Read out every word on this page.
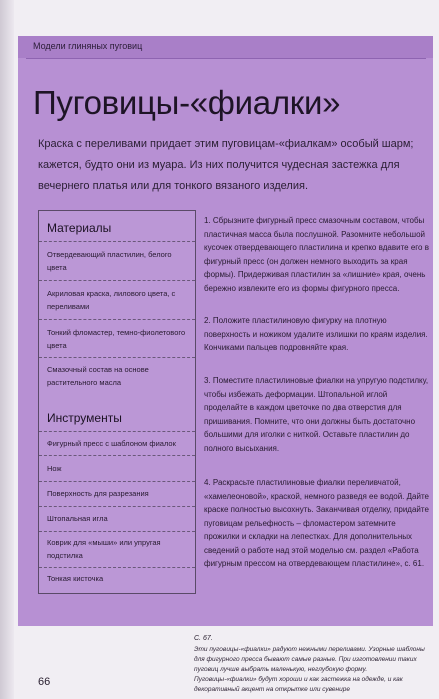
Модели глиняных пуговиц
Пуговицы-«фиалки»

Краска с переливами придает этим пуговицам-«фиалкам» особый шарм; кажется, будто они из муара. Из них получится чудесная застежка для вечернего платья или для тонкого вязаного изделия.

Материалы
Отвердевающий пластилин, белого цвета
Акриловая краска, лилового цвета, с переливами
Тонкий фломастер, темно-фиолетового цвета
Смазочный состав на основе растительного масла
Инструменты
Фигурный пресс с шаблоном фиалок
Нож
Поверхность для разрезания
Штопальная игла
Коврик для «мыши» или упругая подстилка
Тонкая кисточка

1. Сбрызните фигурный пресс смазочным составом, чтобы пластичная масса была послушной. Разомните небольшой кусочек отвердевающего пластилина и крепко вдавите его в фигурный пресс (он должен немного выходить за края формы). Придерживая пластилин за «лишние» края, очень бережно извлеките его из формы фигурного пресса.

2. Положите пластилиновую фигурку на плотную поверхность и ножиком удалите излишки по краям изделия. Кончиками пальцев подровняйте края.

3. Поместите пластилиновые фиалки на упругую подстилку, чтобы избежать деформации. Штопальной иглой проделайте в каждом цветочке по два отверстия для пришивания. Помните, что они должны быть достаточно большими для иголки с ниткой. Оставьте пластилин до полного высыхания.

4. Раскрасьте пластилиновые фиалки переливчатой, «хамелеоновой», краской, немного разведя ее водой. Дайте краске полностью высохнуть. Заканчивая отделку, придайте пуговицам рельефность – фломастером затемните прожилки и складки на лепестках. Для дополнительных сведений о работе над этой моделью см. раздел «Работа фигурным прессом на отвердевающем пластилине», с. 61.

С. 67.

Эти пуговицы-«фиалки» радуют нежными переливами. Узорные шаблоны для фигурного пресса бывают самые разные. При изготовлении таких пуговиц лучше выбрать маленькую, неглубокую форму. Пуговицы-«фиалки» будут хороши и как застежка на одежде, и как декоративный акцент на открытке или сувенире

66
